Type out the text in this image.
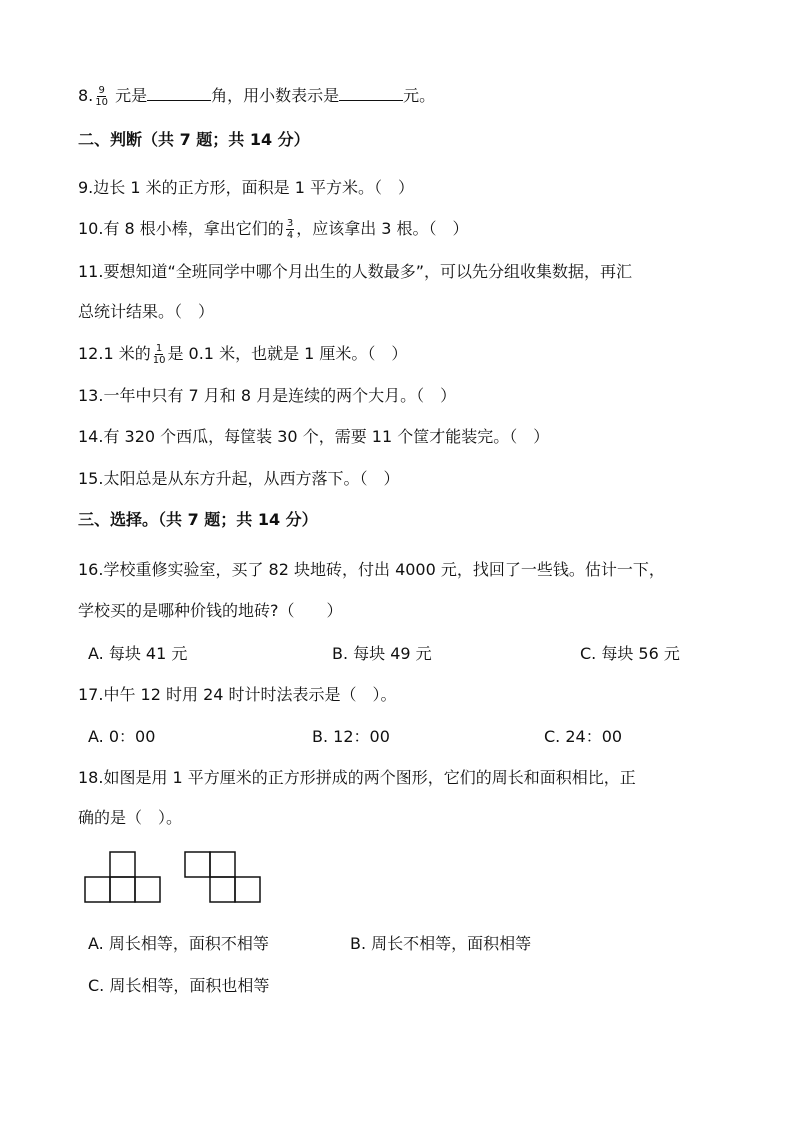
8. $\frac{9}{10}$ 元是	角，用小数表示是	元。
二、判断（共 7 题；共 14 分）
9.边长 1 米的正方形，面积是 1 平方米。（　）
10.有 8 根小棒，拿出它们的 $\frac{3}{4}$ ，应该拿出 3 根。（　）
11.要想知道“全班同学中哪个月出生的人数最多”，可以先分组收集数据，再汇
总统计结果。（　）
12.1 米的 $\frac{1}{10}$ 是 0.1 米，也就是 1 厘米。（　）
13.一年中只有 7 月和 8 月是连续的两个大月。（　）
14.有 320 个西瓜，每筐装 30 个，需要 11 个筐才能装完。（　）
15.太阳总是从东方升起，从西方落下。（　）
三、选择。（共 7 题；共 14 分）
16.学校重修实验室，买了 82 块地砖，付出 4000 元，找回了一些钱。估计一下，
学校买的是哪种价钱的地砖?（　　）
A. 每块 41 元	B. 每块 49 元	C. 每块 56 元
17.中午 12 时用 24 时计时法表示是（　）。
A. 0：00	B. 12：00	C. 24：00
18.如图是用 1 平方厘米的正方形拼成的两个图形，它们的周长和面积相比，正
确的是（　）。
A. 周长相等，面积不相等	B. 周长不相等，面积相等
C. 周长相等，面积也相等
